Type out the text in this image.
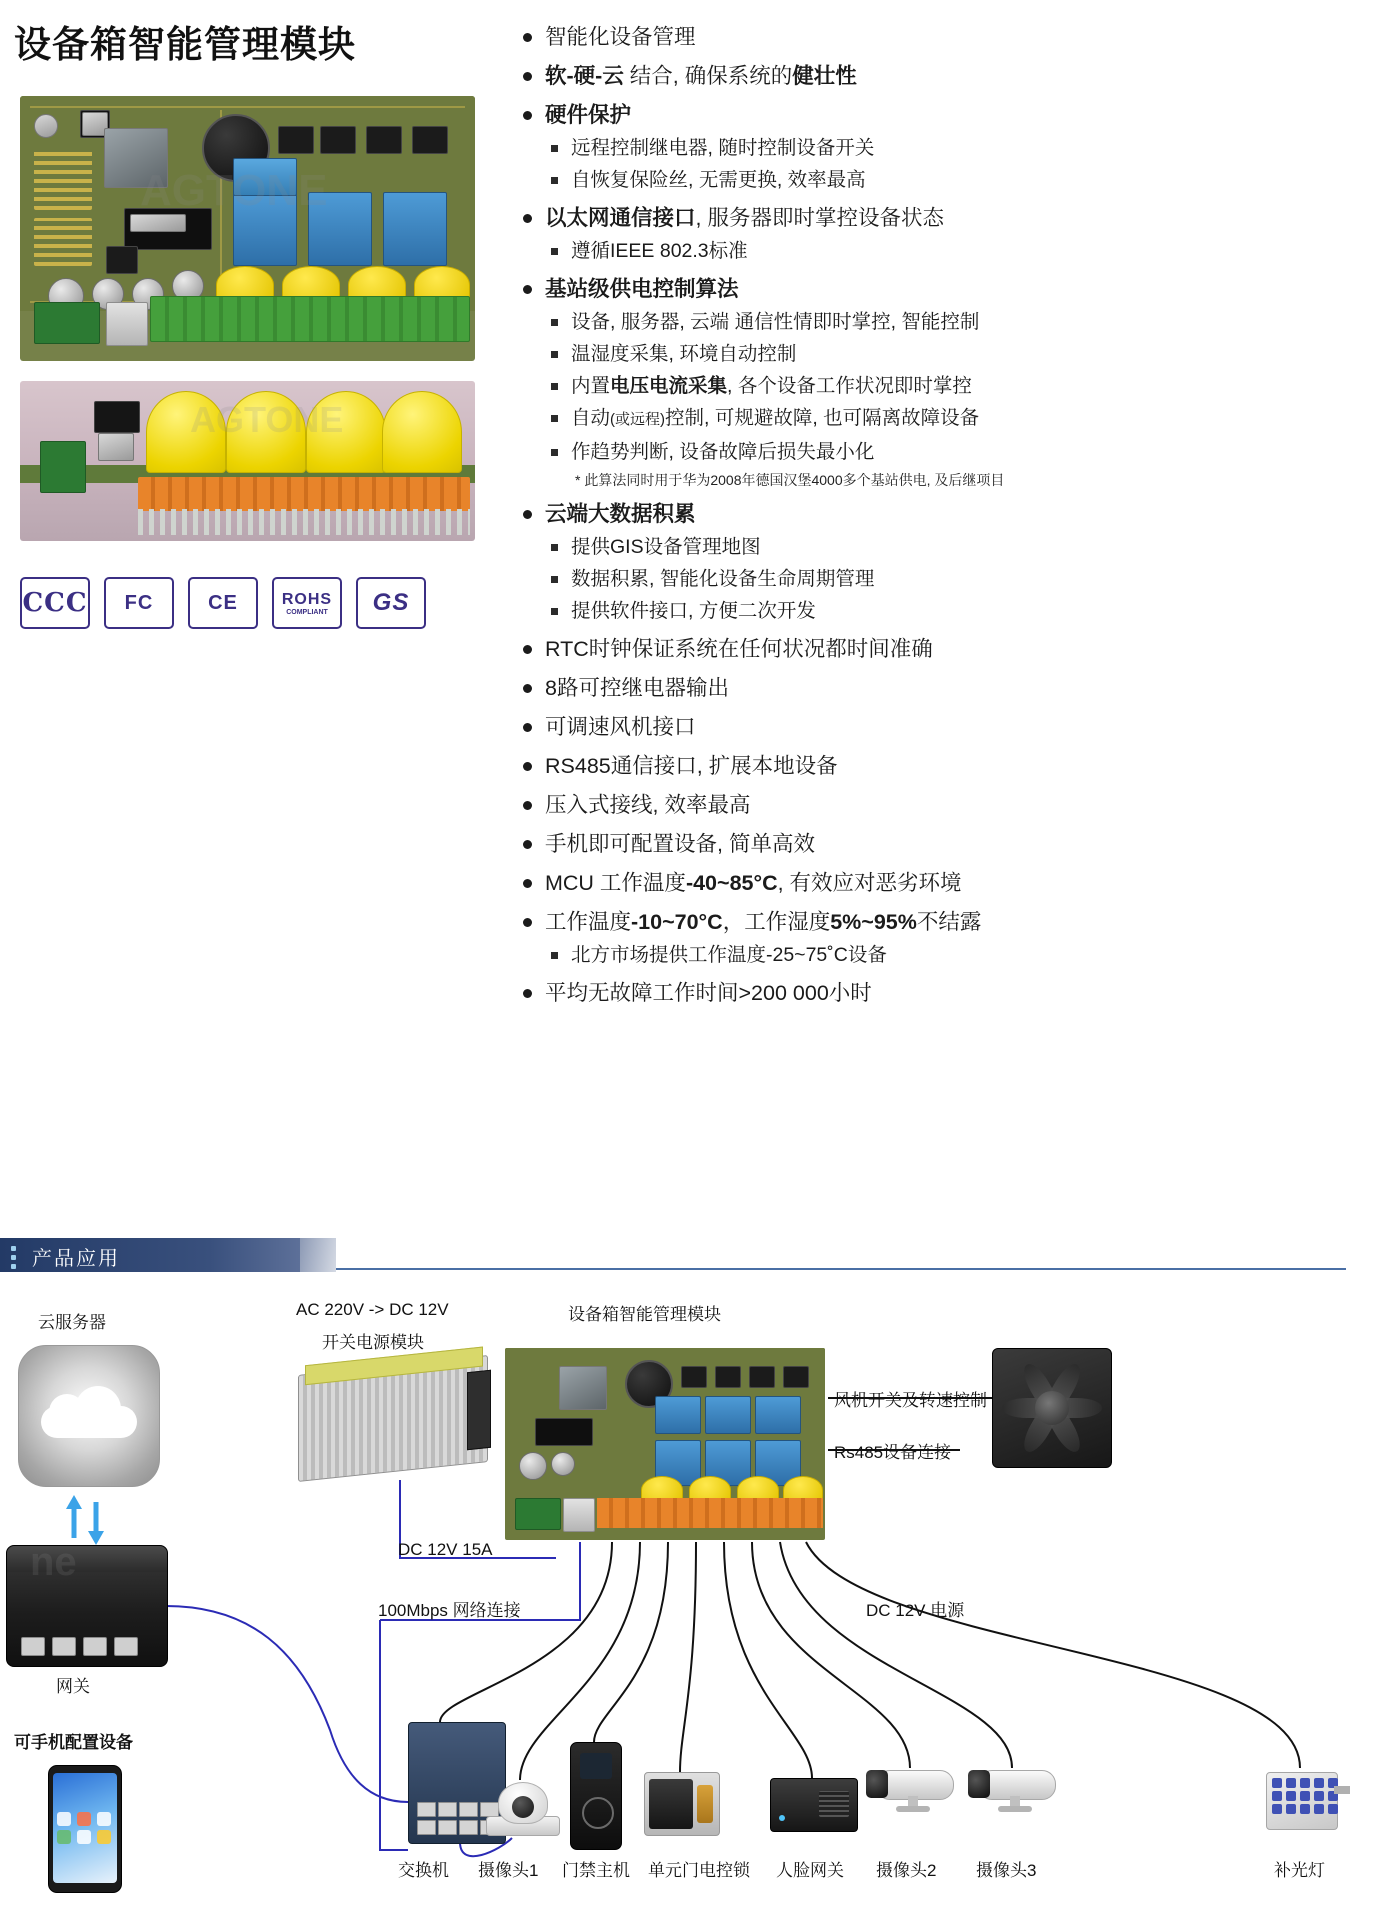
设备箱智能管理模块
CCC FC	CE	ROHS
COMPLIANT GS
智能化设备管理
软-硬-云 结合, 确保系统的健壮性
硬件保护
远程控制继电器, 随时控制设备开关
自恢复保险丝, 无需更换, 效率最高
以太网通信接口, 服务器即时掌控设备状态
遵循IEEE 802.3标准
基站级供电控制算法
设备, 服务器, 云端 通信性情即时掌控, 智能控制
温湿度采集, 环境自动控制
内置电压电流采集, 各个设备工作状况即时掌控
自动(或远程)控制, 可规避故障, 也可隔离故障设备
作趋势判断, 设备故障后损失最小化
* 此算法同时用于华为2008年德国汉堡4000多个基站供电, 及后继项目
云端大数据积累
提供GIS设备管理地图
数据积累, 智能化设备生命周期管理
提供软件接口, 方便二次开发
RTC时钟保证系统在任何状况都时间准确
8路可控继电器输出
可调速风机接口
RS485通信接口, 扩展本地设备
压入式接线, 效率最高
手机即可配置设备, 简单高效
MCU 工作温度-40~85°C, 有效应对恶劣环境
工作温度-10~70°C，工作湿度5%~95%不结露
北方市场提供工作温度-25~75˚C设备
平均无故障工作时间>200 000小时
产品应用
云服务器
网关
可手机配置设备
AC 220V -> DC 12V
开关电源模块
DC 12V 15A
设备箱智能管理模块
风机开关及转速控制
Rs485设备连接
100Mbps 网络连接	DC 12V 电源
交换机 摄像头1 门禁主机 单元门电控锁 人脸网关 摄像头2 摄像头3	补光灯
